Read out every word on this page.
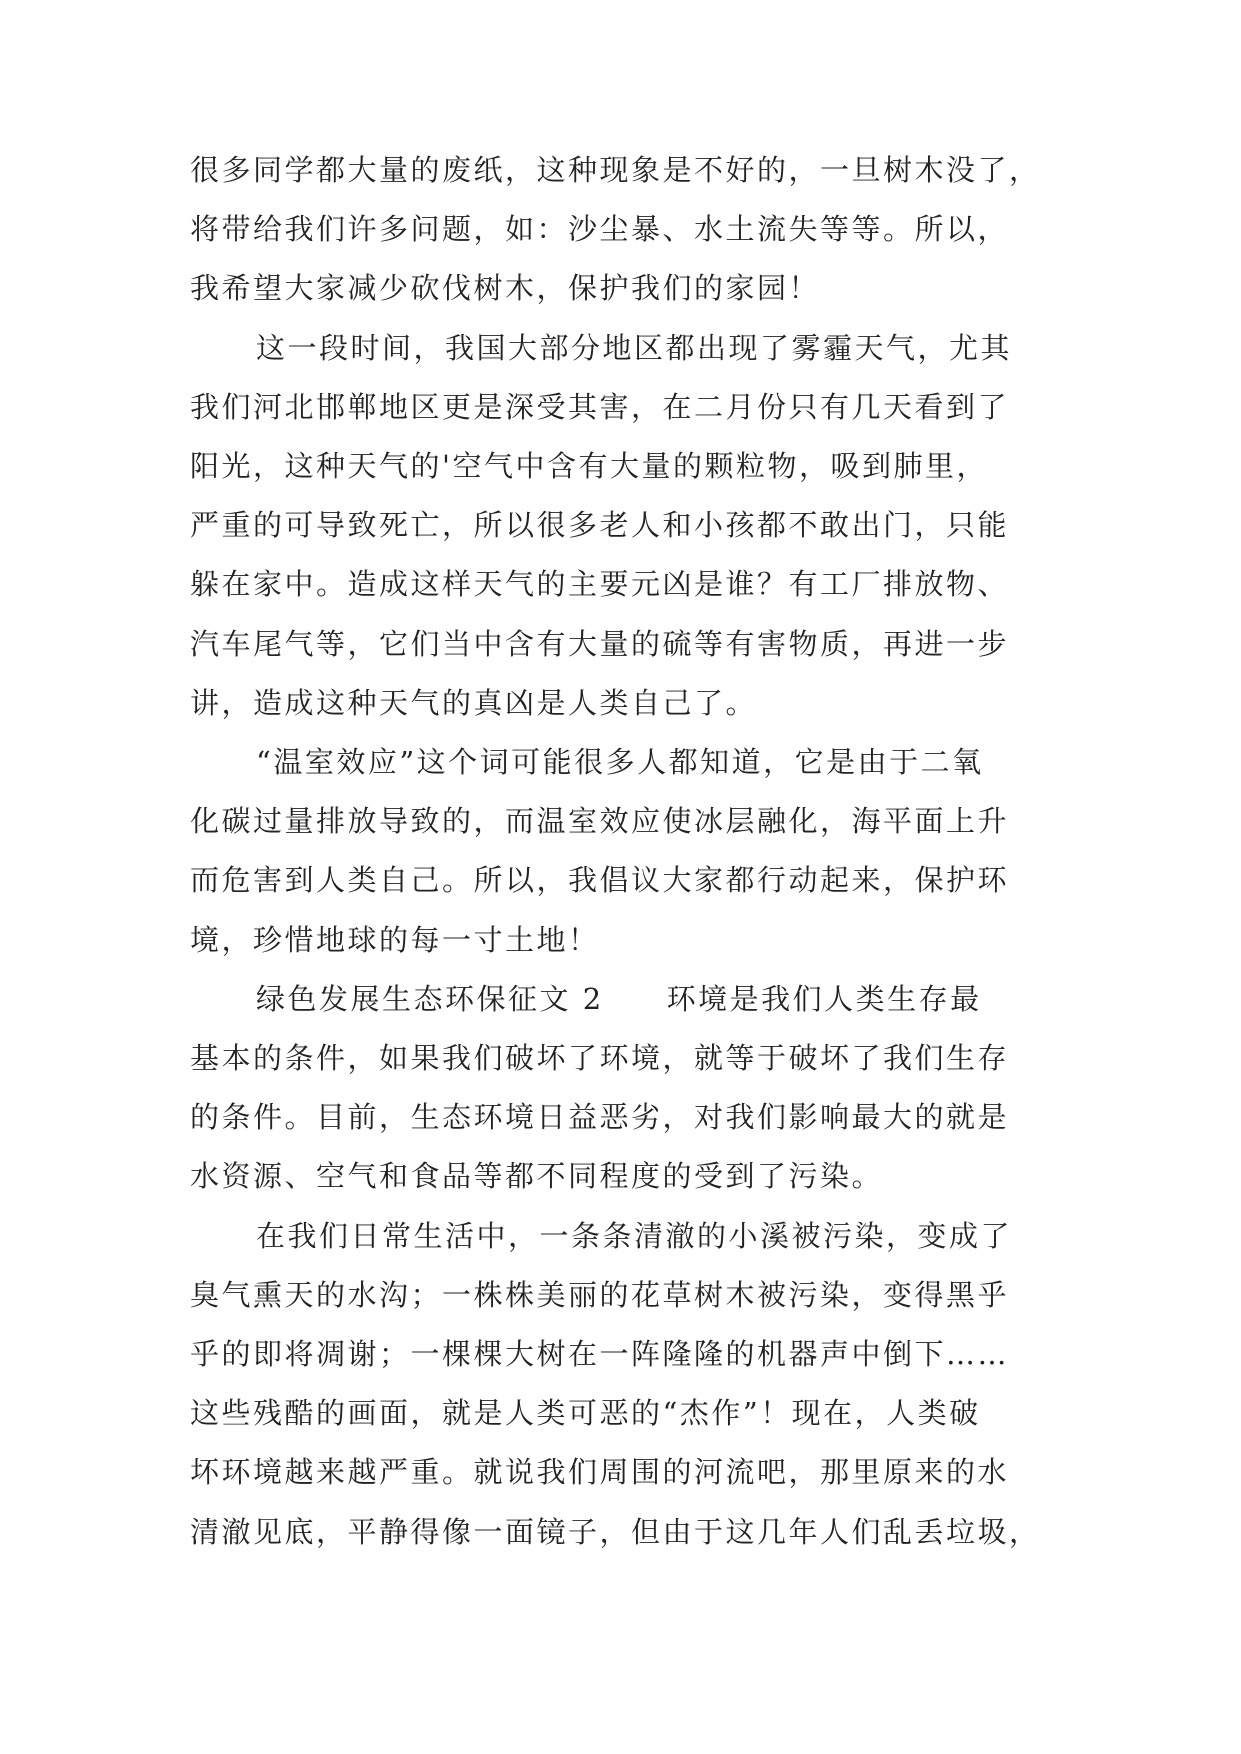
很多同学都大量的废纸，这种现象是不好的，一旦树木没了，
将带给我们许多问题，如：沙尘暴、水土流失等等。所以，
我希望大家减少砍伐树木，保护我们的家园！
这一段时间，我国大部分地区都出现了雾霾天气，尤其
我们河北邯郸地区更是深受其害，在二月份只有几天看到了
阳光，这种天气的'空气中含有大量的颗粒物，吸到肺里，
严重的可导致死亡，所以很多老人和小孩都不敢出门，只能
躲在家中。造成这样天气的主要元凶是谁？有工厂排放物、
汽车尾气等，它们当中含有大量的硫等有害物质，再进一步
讲，造成这种天气的真凶是人类自己了。
“温室效应”这个词可能很多人都知道，它是由于二氧
化碳过量排放导致的，而温室效应使冰层融化，海平面上升
而危害到人类自己。所以，我倡议大家都行动起来，保护环
境，珍惜地球的每一寸土地！
绿色发展生态环保征文 2　　环境是我们人类生存最
基本的条件，如果我们破坏了环境，就等于破坏了我们生存
的条件。目前，生态环境日益恶劣，对我们影响最大的就是
水资源、空气和食品等都不同程度的受到了污染。
在我们日常生活中，一条条清澈的小溪被污染，变成了
臭气熏天的水沟；一株株美丽的花草树木被污染，变得黑乎
乎的即将凋谢；一棵棵大树在一阵隆隆的机器声中倒下……
这些残酷的画面，就是人类可恶的“杰作”！现在，人类破
坏环境越来越严重。就说我们周围的河流吧，那里原来的水
清澈见底，平静得像一面镜子，但由于这几年人们乱丢垃圾，
